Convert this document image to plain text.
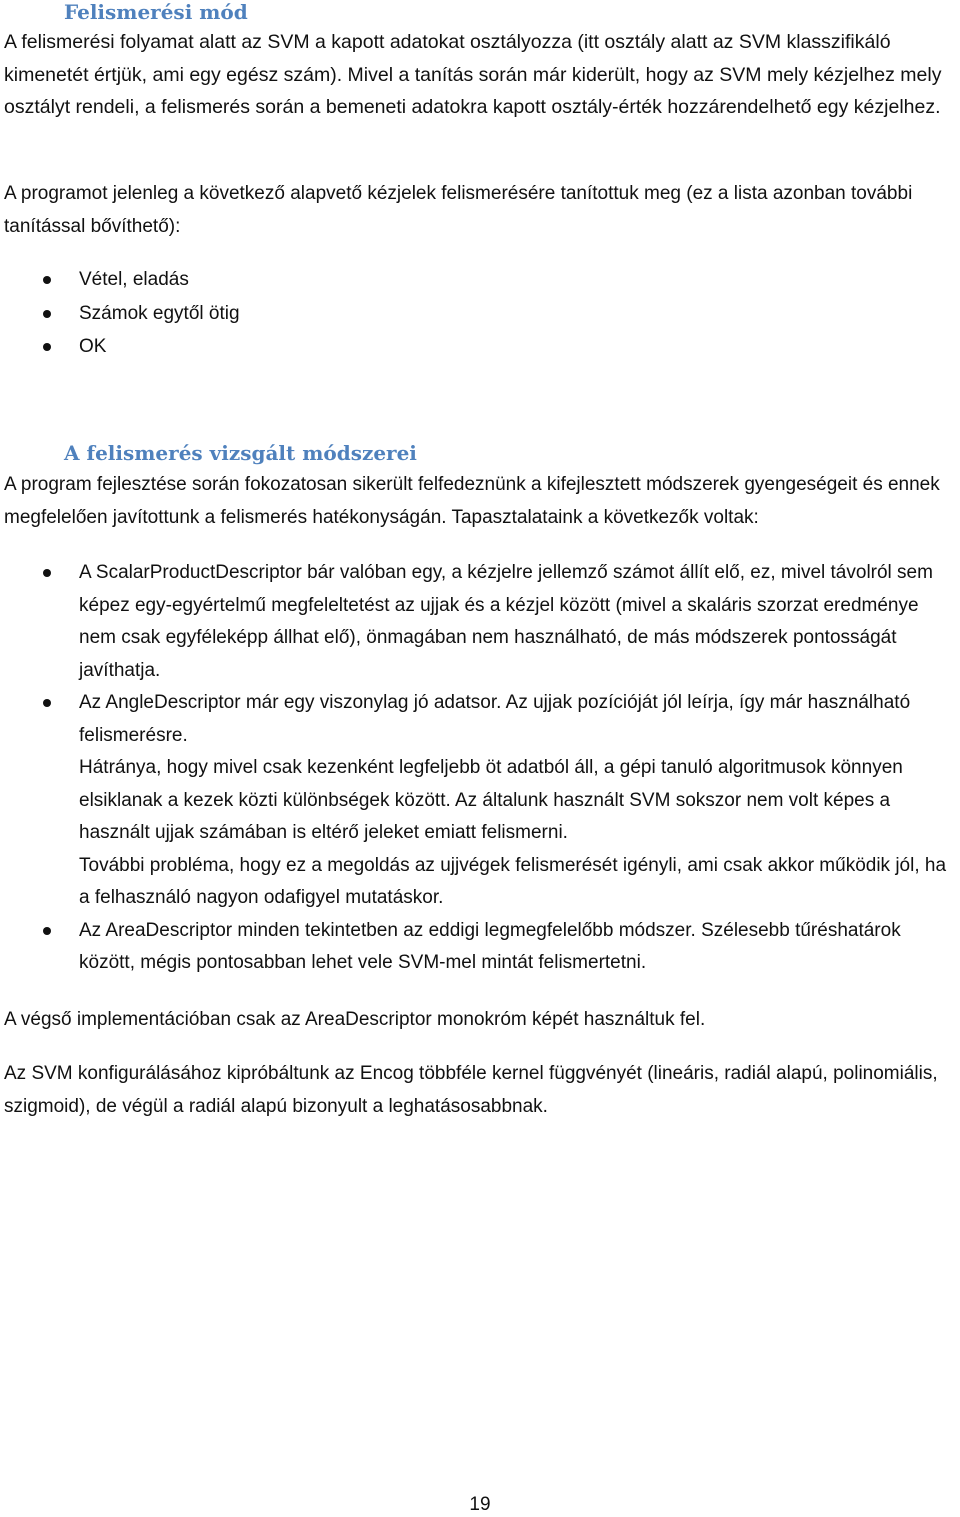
Felismerési mód

A felismerési folyamat alatt az SVM a kapott adatokat osztályozza (itt osztály alatt az SVM klasszifikáló kimenetét értjük, ami egy egész szám). Mivel a tanítás során már kiderült, hogy az SVM mely kézjelhez mely osztályt rendeli, a felismerés során a bemeneti adatokra kapott osztály-érték hozzárendelhető egy kézjelhez.

A programot jelenleg a következő alapvető kézjelek felismerésére tanítottuk meg (ez a lista azonban további tanítással bővíthető):

Vétel, eladás

Számok egytől ötig

OK

A felismerés vizsgált módszerei

A program fejlesztése során fokozatosan sikerült felfedeznünk a kifejlesztett módszerek gyengeségeit és ennek megfelelően javítottunk a felismerés hatékonyságán. Tapasztalataink a következők voltak:

A ScalarProductDescriptor bár valóban egy, a kézjelre jellemző számot állít elő, ez, mivel távolról sem képez egy-egyértelmű megfeleltetést az ujjak és a kézjel között (mivel a skaláris szorzat eredménye nem csak egyféleképp állhat elő), önmagában nem használható, de más módszerek pontosságát javíthatja.

Az AngleDescriptor már egy viszonylag jó adatsor. Az ujjak pozícióját jól leírja, így már használható felismerésre.

Hátránya, hogy mivel csak kezenként legfeljebb öt adatból áll, a gépi tanuló algoritmusok könnyen elsiklanak a kezek közti különbségek között. Az általunk használt SVM sokszor nem volt képes a használt ujjak számában is eltérő jeleket emiatt felismerni.

További probléma, hogy ez a megoldás az ujjvégek felismerését igényli, ami csak akkor működik jól, ha a felhasználó nagyon odafigyel mutatáskor.

Az AreaDescriptor minden tekintetben az eddigi legmegfelelőbb módszer. Szélesebb tűréshatárok között, mégis pontosabban lehet vele SVM-mel mintát felismertetni.

A végső implementációban csak az AreaDescriptor monokróm képét használtuk fel.

Az SVM konfigurálásához kipróbáltunk az Encog többféle kernel függvényét (lineáris, radiál alapú, polinomiális, szigmoid), de végül a radiál alapú bizonyult a leghatásosabbnak.

19
